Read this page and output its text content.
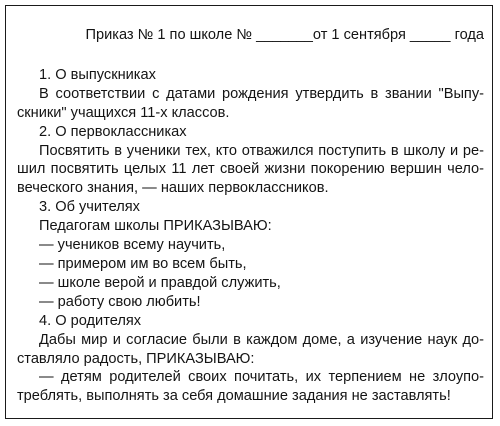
Приказ № 1 по школе № _______от 1 сентября _____ года
1. О выпускниках
В соответствии с датами рождения утвердить в звании "Выпу-
скники" учащихся 11-х классов.
2. О первоклассниках
Посвятить в ученики тех, кто отважился поступить в школу и ре-
шил посвятить целых 11 лет своей жизни покорению вершин чело-
веческого знания, — наших первоклассников.
3. Об учителях
Педагогам школы ПРИКАЗЫВАЮ:
— учеников всему научить,
— примером им во всем быть,
— школе верой и правдой служить,
— работу свою любить!
4. О родителях
Дабы мир и согласие были в каждом доме, а изучение наук до-
ставляло радость, ПРИКАЗЫВАЮ:
— детям родителей своих почитать, их терпением не злоупо-
треблять, выполнять за себя домашние задания не заставлять!
